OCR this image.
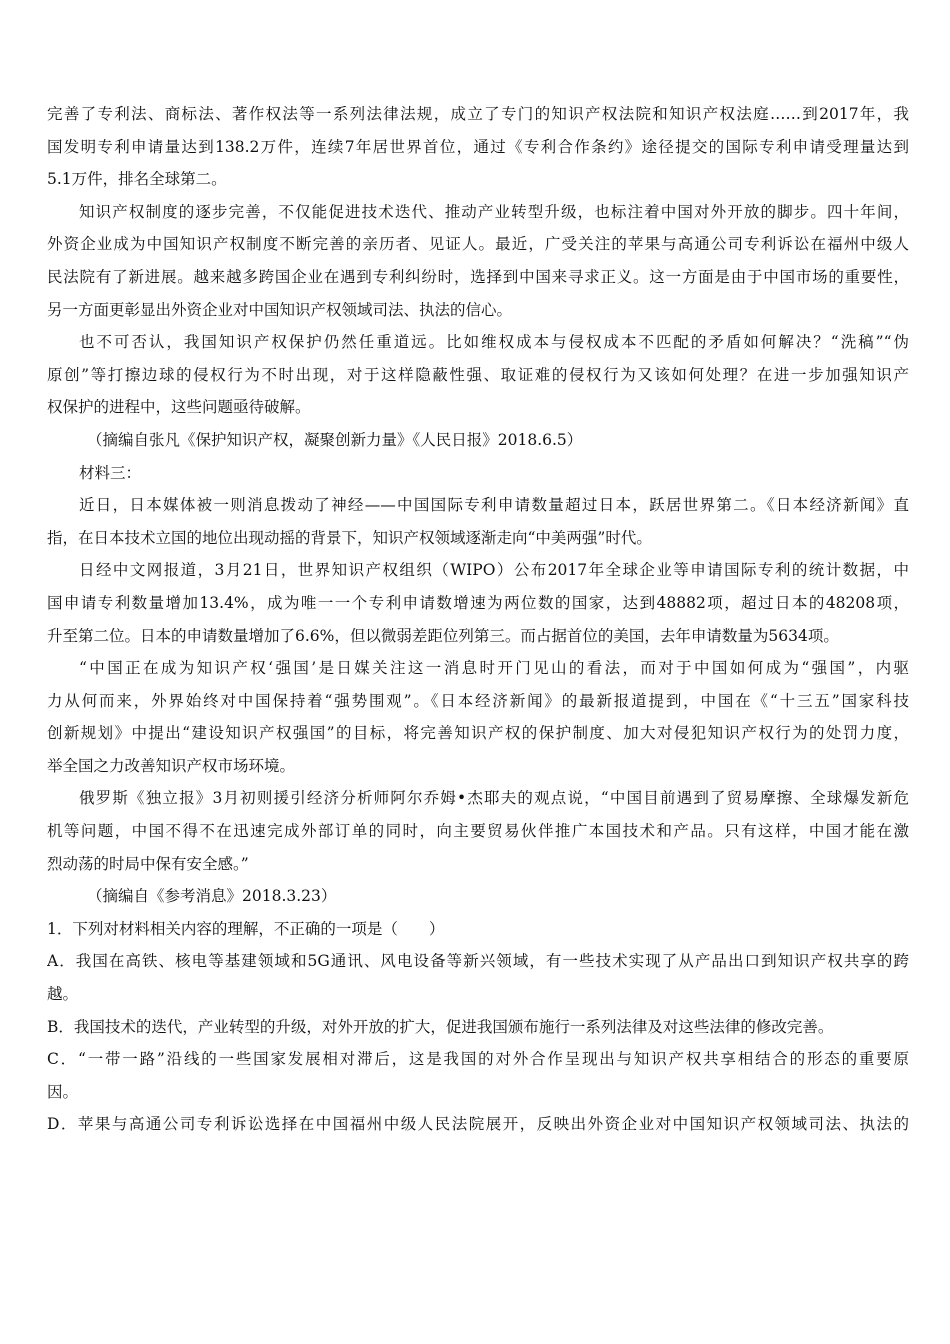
完善了专利法、商标法、著作权法等一系列法律法规，成立了专门的知识产权法院和知识产权法庭……到2017年，我
国发明专利申请量达到138.2万件，连续7年居世界首位，通过《专利合作条约》途径提交的国际专利申请受理量达到
5.1万件，排名全球第二。
知识产权制度的逐步完善，不仅能促进技术迭代、推动产业转型升级，也标注着中国对外开放的脚步。四十年间，
外资企业成为中国知识产权制度不断完善的亲历者、见证人。最近，广受关注的苹果与高通公司专利诉讼在福州中级人
民法院有了新进展。越来越多跨国企业在遇到专利纠纷时，选择到中国来寻求正义。这一方面是由于中国市场的重要性，
另一方面更彰显出外资企业对中国知识产权领域司法、执法的信心。
也不可否认，我国知识产权保护仍然任重道远。比如维权成本与侵权成本不匹配的矛盾如何解决？“洗稿”“伪
原创”等打擦边球的侵权行为不时出现，对于这样隐蔽性强、取证难的侵权行为又该如何处理？在进一步加强知识产
权保护的进程中，这些问题亟待破解。
（摘编自张凡《保护知识产权，凝聚创新力量》《人民日报》2018.6.5）
材料三：
近日，日本媒体被一则消息拨动了神经——中国国际专利申请数量超过日本，跃居世界第二。《日本经济新闻》直
指，在日本技术立国的地位出现动摇的背景下，知识产权领域逐渐走向“中美两强”时代。
日经中文网报道，3月21日，世界知识产权组织（WIPO）公布2017年全球企业等申请国际专利的统计数据，中
国申请专利数量增加13.4%，成为唯一一个专利申请数增速为两位数的国家，达到48882项，超过日本的48208项，
升至第二位。日本的申请数量增加了6.6%，但以微弱差距位列第三。而占据首位的美国，去年申请数量为5634项。
“中国正在成为知识产权‘强国’是日媒关注这一消息时开门见山的看法，而对于中国如何成为“强国”，内驱
力从何而来，外界始终对中国保持着“强势围观”。《日本经济新闻》的最新报道提到，中国在《“十三五”国家科技
创新规划》中提出“建设知识产权强国”的目标，将完善知识产权的保护制度、加大对侵犯知识产权行为的处罚力度，
举全国之力改善知识产权市场环境。
俄罗斯《独立报》3月初则援引经济分析师阿尔乔姆•杰耶夫的观点说，“中国目前遇到了贸易摩擦、全球爆发新危
机等问题，中国不得不在迅速完成外部订单的同时，向主要贸易伙伴推广本国技术和产品。只有这样，中国才能在激
烈动荡的时局中保有安全感。”
（摘编自《参考消息》2018.3.23）
1．下列对材料相关内容的理解，不正确的一项是（　　）
A．我国在高铁、核电等基建领域和5G通讯、风电设备等新兴领域，有一些技术实现了从产品出口到知识产权共享的跨
越。
B．我国技术的迭代，产业转型的升级，对外开放的扩大，促进我国颁布施行一系列法律及对这些法律的修改完善。
C．“一带一路”沿线的一些国家发展相对滞后，这是我国的对外合作呈现出与知识产权共享相结合的形态的重要原
因。
D．苹果与高通公司专利诉讼选择在中国福州中级人民法院展开，反映出外资企业对中国知识产权领域司法、执法的
